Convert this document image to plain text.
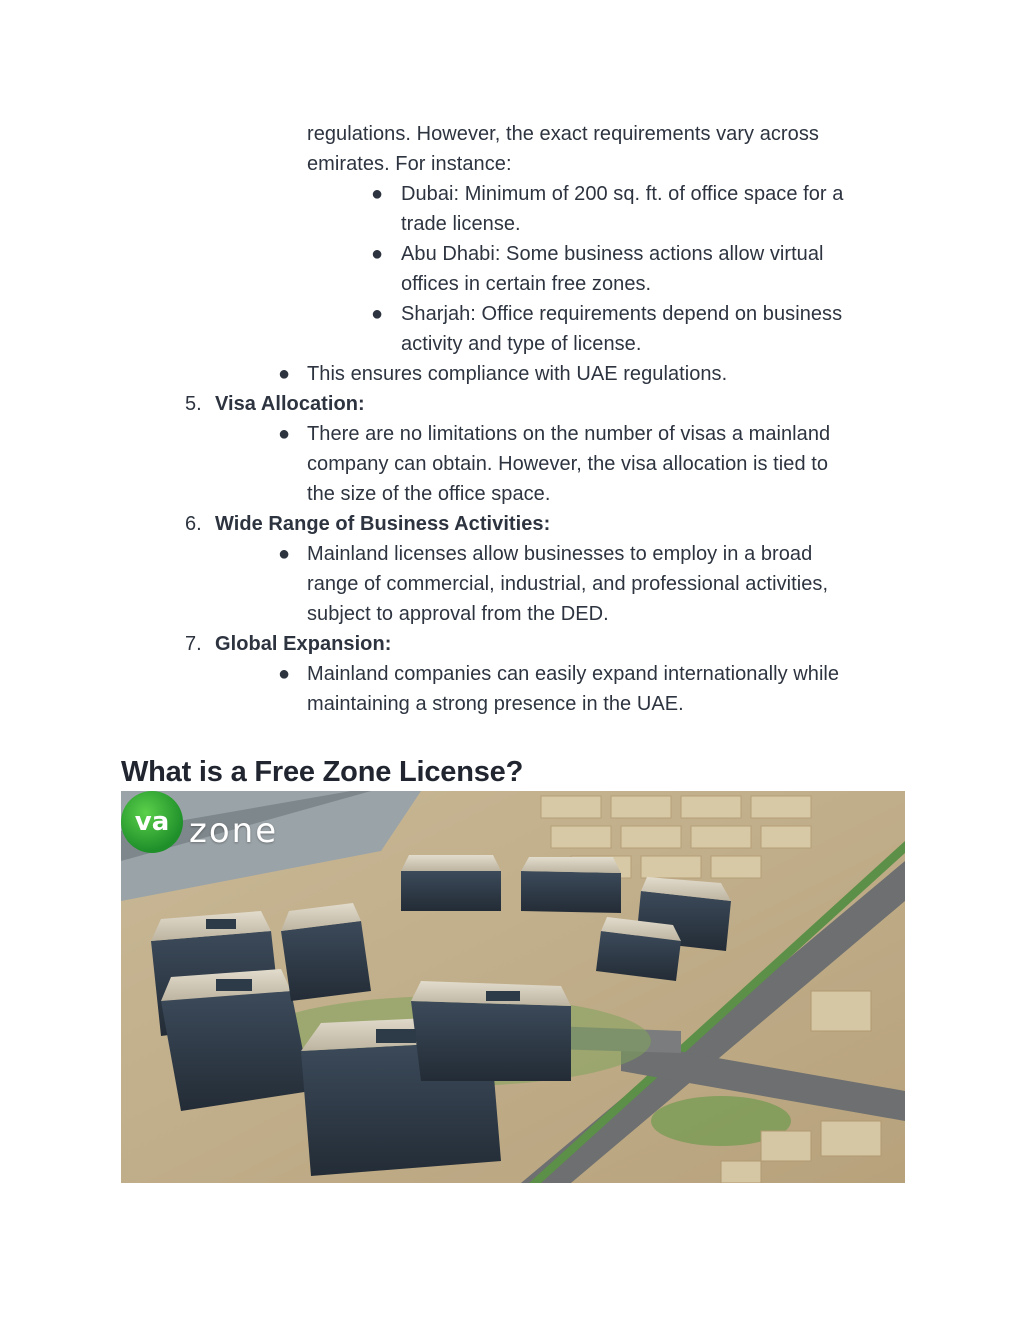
regulations. However, the exact requirements vary across
emirates. For instance:
● Dubai: Minimum of 200 sq. ft. of office space for a
trade license.
● Abu Dhabi: Some business actions allow virtual
offices in certain free zones.
● Sharjah: Office requirements depend on business
activity and type of license.
● This ensures compliance with UAE regulations.
5. Visa Allocation:
● There are no limitations on the number of visas a mainland
company can obtain. However, the visa allocation is tied to
the size of the office space.
6. Wide Range of Business Activities:
● Mainland licenses allow businesses to employ in a broad
range of commercial, industrial, and professional activities,
subject to approval from the DED.
7. Global Expansion:
● Mainland companies can easily expand internationally while
maintaining a strong presence in the UAE.
What is a Free Zone License?
va zone
